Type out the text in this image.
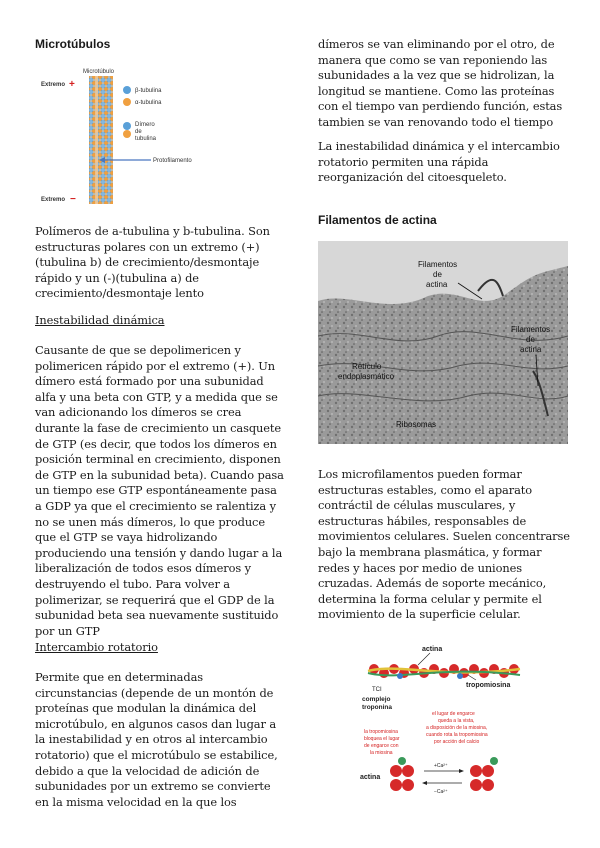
Microtúbulos
Microtúbulo
Extremo +
β-tubulina
α-tubulina
Dímero
de
tubulina
Protofilamento
Extremo −

Polímeros de a-tubulina y b-tubulina. Son estructuras polares con un extremo (+) (tubulina b) de crecimiento/desmontaje rápido y un (-)(tubulina a) de crecimiento/desmontaje lento

Inestabilidad dinámica

Causante de que se depolimericen y polimericen rápido por el extremo (+). Un dímero está formado por una subunidad alfa y una beta con GTP, y a medida que se van adicionando los dímeros se crea durante la fase de crecimiento un casquete de GTP (es decir, que todos los dímeros en posición terminal en crecimiento, disponen de GTP en la subunidad beta). Cuando pasa un tiempo ese GTP espontáneamente pasa a GDP ya que el crecimiento se ralentiza y no se unen más dímeros, lo que produce que el GTP se vaya hidrolizando produciendo una tensión y dando lugar a la liberalización de todos esos dímeros y destruyendo el tubo. Para volver a polimerizar, se requerirá que el GDP de la subunidad beta sea nuevamente sustituido por un GTP

Intercambio rotatorio

Permite que en determinadas circunstancias (depende de un montón de proteínas que modulan la dinámica del microtúbulo, en algunos casos dan lugar a la inestabilidad y en otros al intercambio rotatorio) que el microtúbulo se estabilice, debido a que la velocidad de adición de subunidades por un extremo se convierte en la misma velocidad en la que los

dímeros se van eliminando por el otro, de manera que como se van reponiendo las subunidades a la vez que se hidrolizan, la longitud se mantiene. Como las proteínas con el tiempo van perdiendo función, estas tambien se van renovando todo el tiempo

La inestabilidad dinámica y el intercambio rotatorio permiten una rápida reorganización del citoesqueleto.

Filamentos de actina
Filamentos
de
actina
Filamentos
de
actina
Retículo
endoplasmático
Ribosomas

Los microfilamentos pueden formar estructuras estables, como el aparato contráctil de células musculares, y estructuras hábiles, responsables de movimientos celulares. Suelen concentrarse bajo la membrana plasmática, y formar redes y haces por medio de uniones cruzadas. Además de soporte mecánico, determina la forma celular y permite el movimiento de la superficie celular.

actina
tropomiosina
TCI
complejo
troponina
la tropomiosina
bloquea el lugar
de engarce con
la miosina
el lugar de engarce
queda a la vista,
a disposición de la miosina,
cuando rota la tropomiosina
por acción del calcio
actina
+Ca²⁺
−Ca²⁺
